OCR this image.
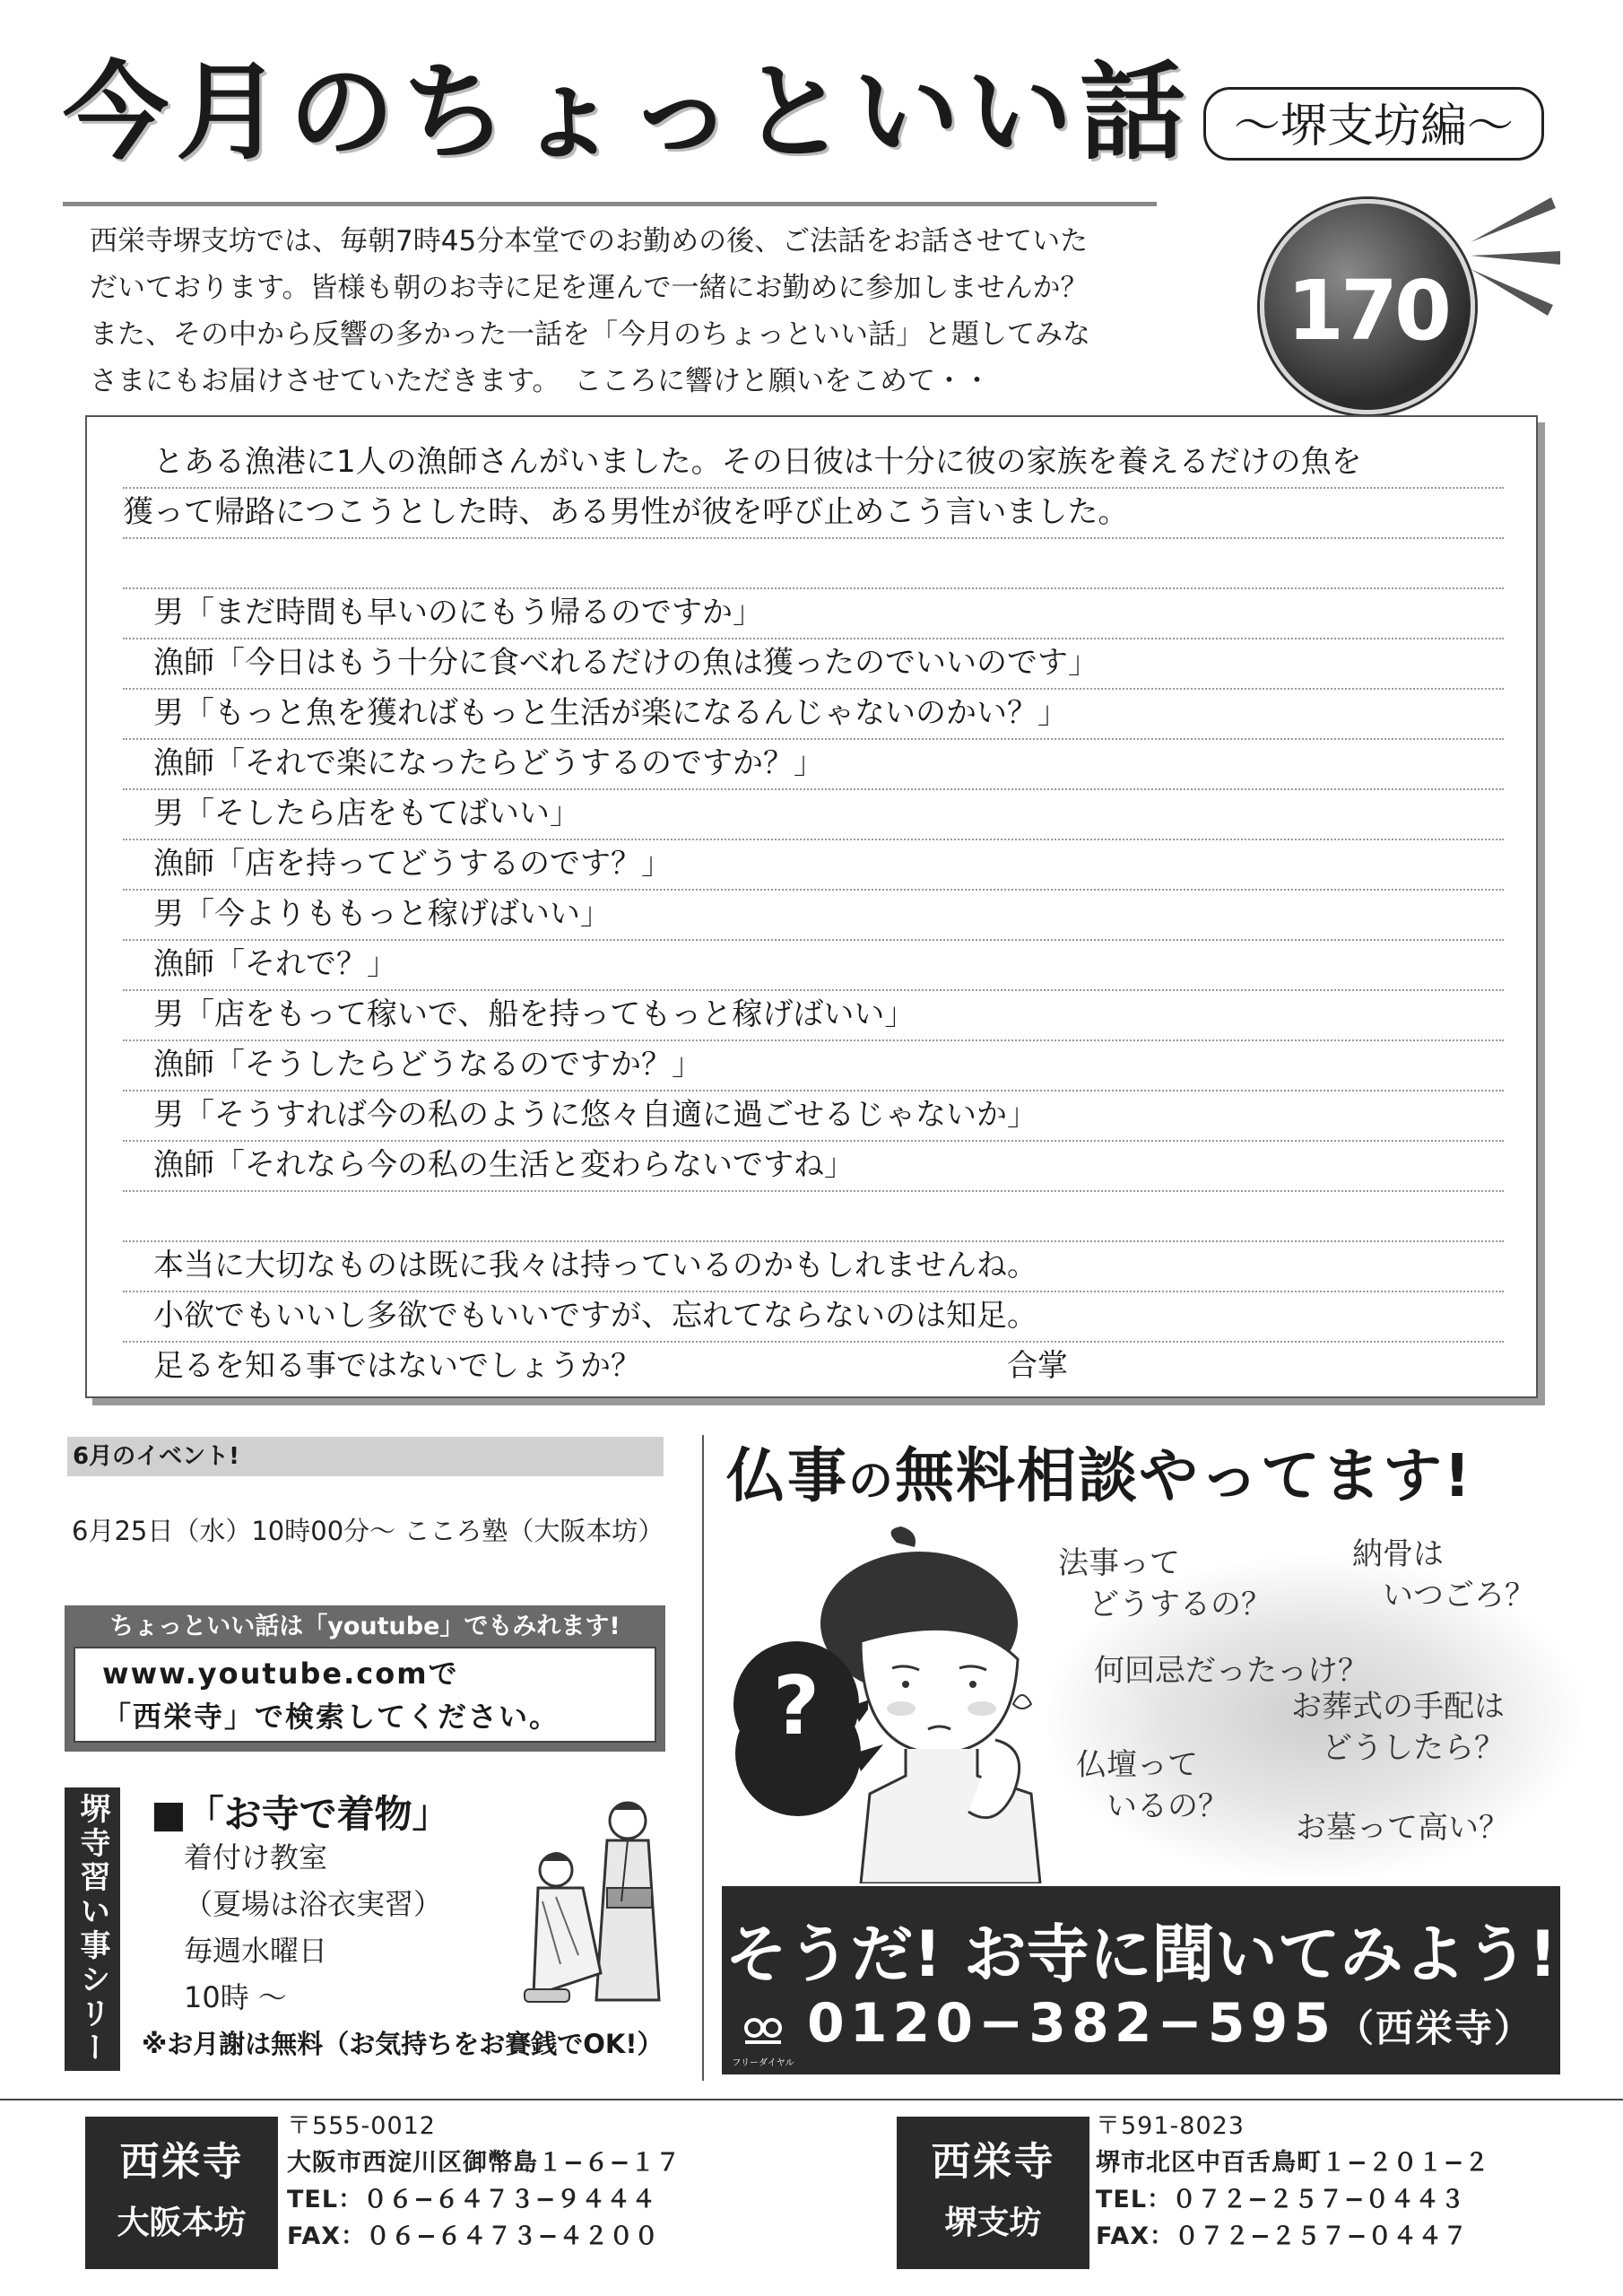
今月のちょっといい話 〜堺支坊編〜
170
西栄寺堺支坊では、毎朝7時45分本堂でのお勤めの後、ご法話をお話させていた
だいております。皆様も朝のお寺に足を運んで一緒にお勤めに参加しませんか？
また、その中から反響の多かった一話を「今月のちょっといい話」と題してみな
さまにもお届けさせていただきます。　こころに響けと願いをこめて・・
　とある漁港に1人の漁師さんがいました。その日彼は十分に彼の家族を養えるだけの魚を
獲って帰路につこうとした時、ある男性が彼を呼び止めこう言いました。
　男「まだ時間も早いのにもう帰るのですか」
　漁師「今日はもう十分に食べれるだけの魚は獲ったのでいいのです」
　男「もっと魚を獲ればもっと生活が楽になるんじゃないのかい？」
　漁師「それで楽になったらどうするのですか？」
　男「そしたら店をもてばいい」
　漁師「店を持ってどうするのです？」
　男「今よりももっと稼げばいい」
　漁師「それで？」
　男「店をもって稼いで、船を持ってもっと稼げばいい」
　漁師「そうしたらどうなるのですか？」
　男「そうすれば今の私のように悠々自適に過ごせるじゃないか」
　漁師「それなら今の私の生活と変わらないですね」
　本当に大切なものは既に我々は持っているのかもしれませんね。
　小欲でもいいし多欲でもいいですが、忘れてならないのは知足。
　足るを知る事ではないでしょうか？　　　　　　　　　　　　合掌
6月のイベント!
6月25日（水）10時00分〜 こころ塾（大阪本坊）
ちょっといい話は「youtube」でもみれます!
www.youtube.comで
「西栄寺」で検索してください。
堺寺習い事シリーズ
■「お寺で着物」
着付け教室
（夏場は浴衣実習）
毎週水曜日
10時 〜
※お月謝は無料（お気持ちをお賽銭でOK!）
仏事の無料相談やってます!
法事って
　どうするの？
納骨は
　いつごろ？
何回忌だったっけ？
お葬式の手配は
　どうしたら？
仏壇って
　いるの？
お墓って高い？
?
そうだ! お寺に聞いてみよう!
フリーダイヤル
0120−382−595（西栄寺）
西栄寺
大阪本坊
〒555-0012
大阪市西淀川区御幣島１−６−１７
TEL：０６−６４７３−９４４４
FAX：０６−６４７３−４２００
西栄寺
堺支坊
〒591-8023
堺市北区中百舌鳥町１−２０１−２
TEL：０７２−２５７−０４４３
FAX：０７２−２５７−０４４７
